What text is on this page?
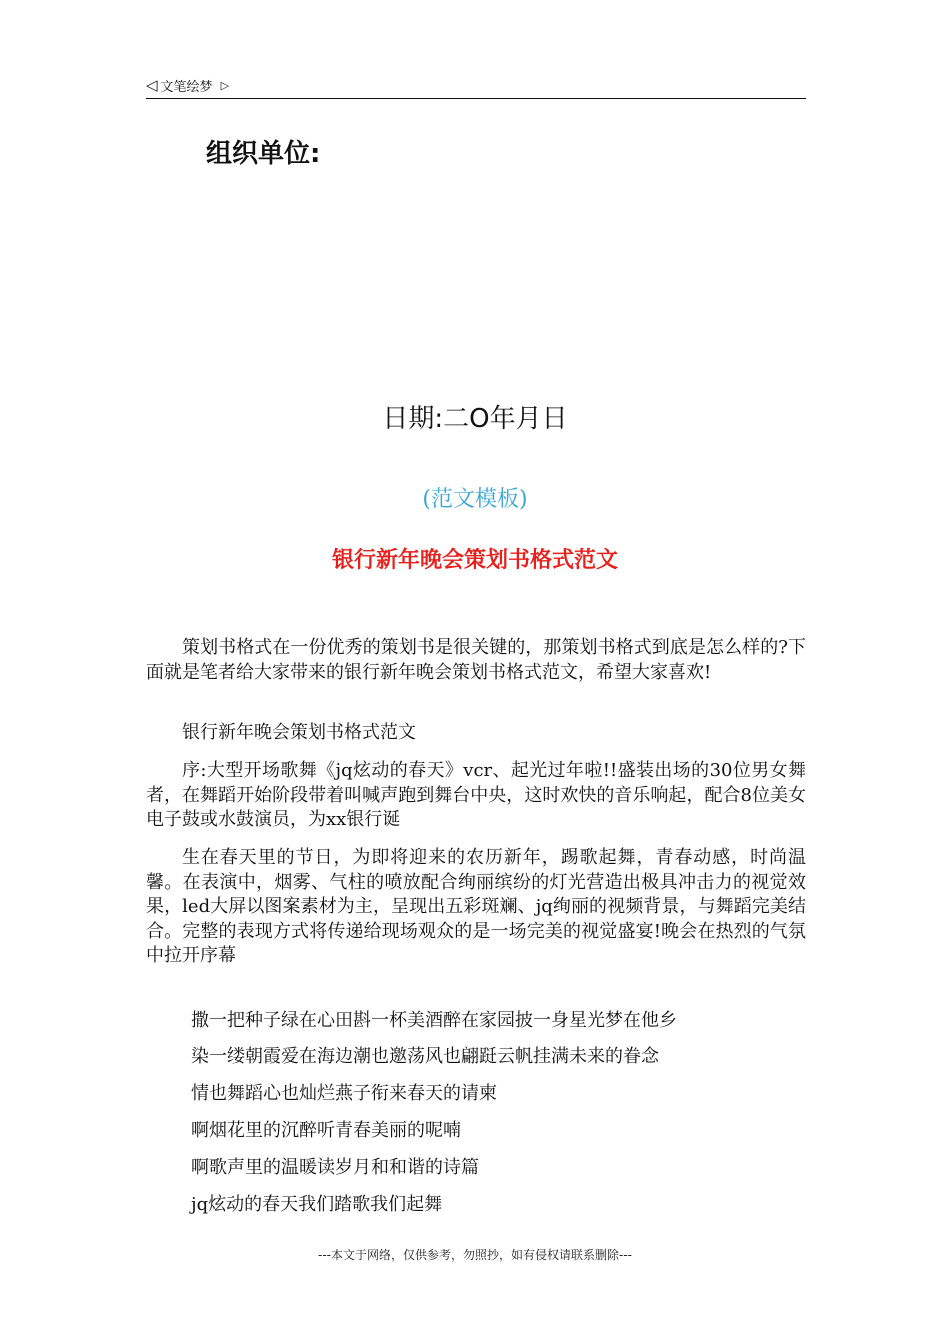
◁ 文笔绘梦 ▷
组织单位:
日期:二O年月日
(范文模板)
银行新年晚会策划书格式范文

策划书格式在一份优秀的策划书是很关键的，那策划书格式到底是怎么样的?下面就是笔者给大家带来的银行新年晚会策划书格式范文，希望大家喜欢!

银行新年晚会策划书格式范文

序:大型开场歌舞《jq炫动的春天》vcr、起光过年啦!!盛装出场的30位男女舞者，在舞蹈开始阶段带着叫喊声跑到舞台中央，这时欢快的音乐响起，配合8位美女电子鼓或水鼓演员，为xx银行诞

生在春天里的节日，为即将迎来的农历新年，踢歌起舞，青春动感，时尚温馨。在表演中，烟雾、气柱的喷放配合绚丽缤纷的灯光营造出极具冲击力的视觉效果，led大屏以图案素材为主，呈现出五彩斑斓、jq绚丽的视频背景，与舞蹈完美结合。完整的表现方式将传递给现场观众的是一场完美的视觉盛宴!晚会在热烈的气氛中拉开序幕

撒一把种子绿在心田斟一杯美酒醉在家园披一身星光梦在他乡
染一缕朝霞爱在海边潮也邀荡风也翩跹云帆挂满未来的眷念
情也舞蹈心也灿烂燕子衔来春天的请柬
啊烟花里的沉醉听青春美丽的呢喃
啊歌声里的温暖读岁月和和谐的诗篇
jq炫动的春天我们踏歌我们起舞
---本文于网络，仅供参考，勿照抄，如有侵权请联系删除---
